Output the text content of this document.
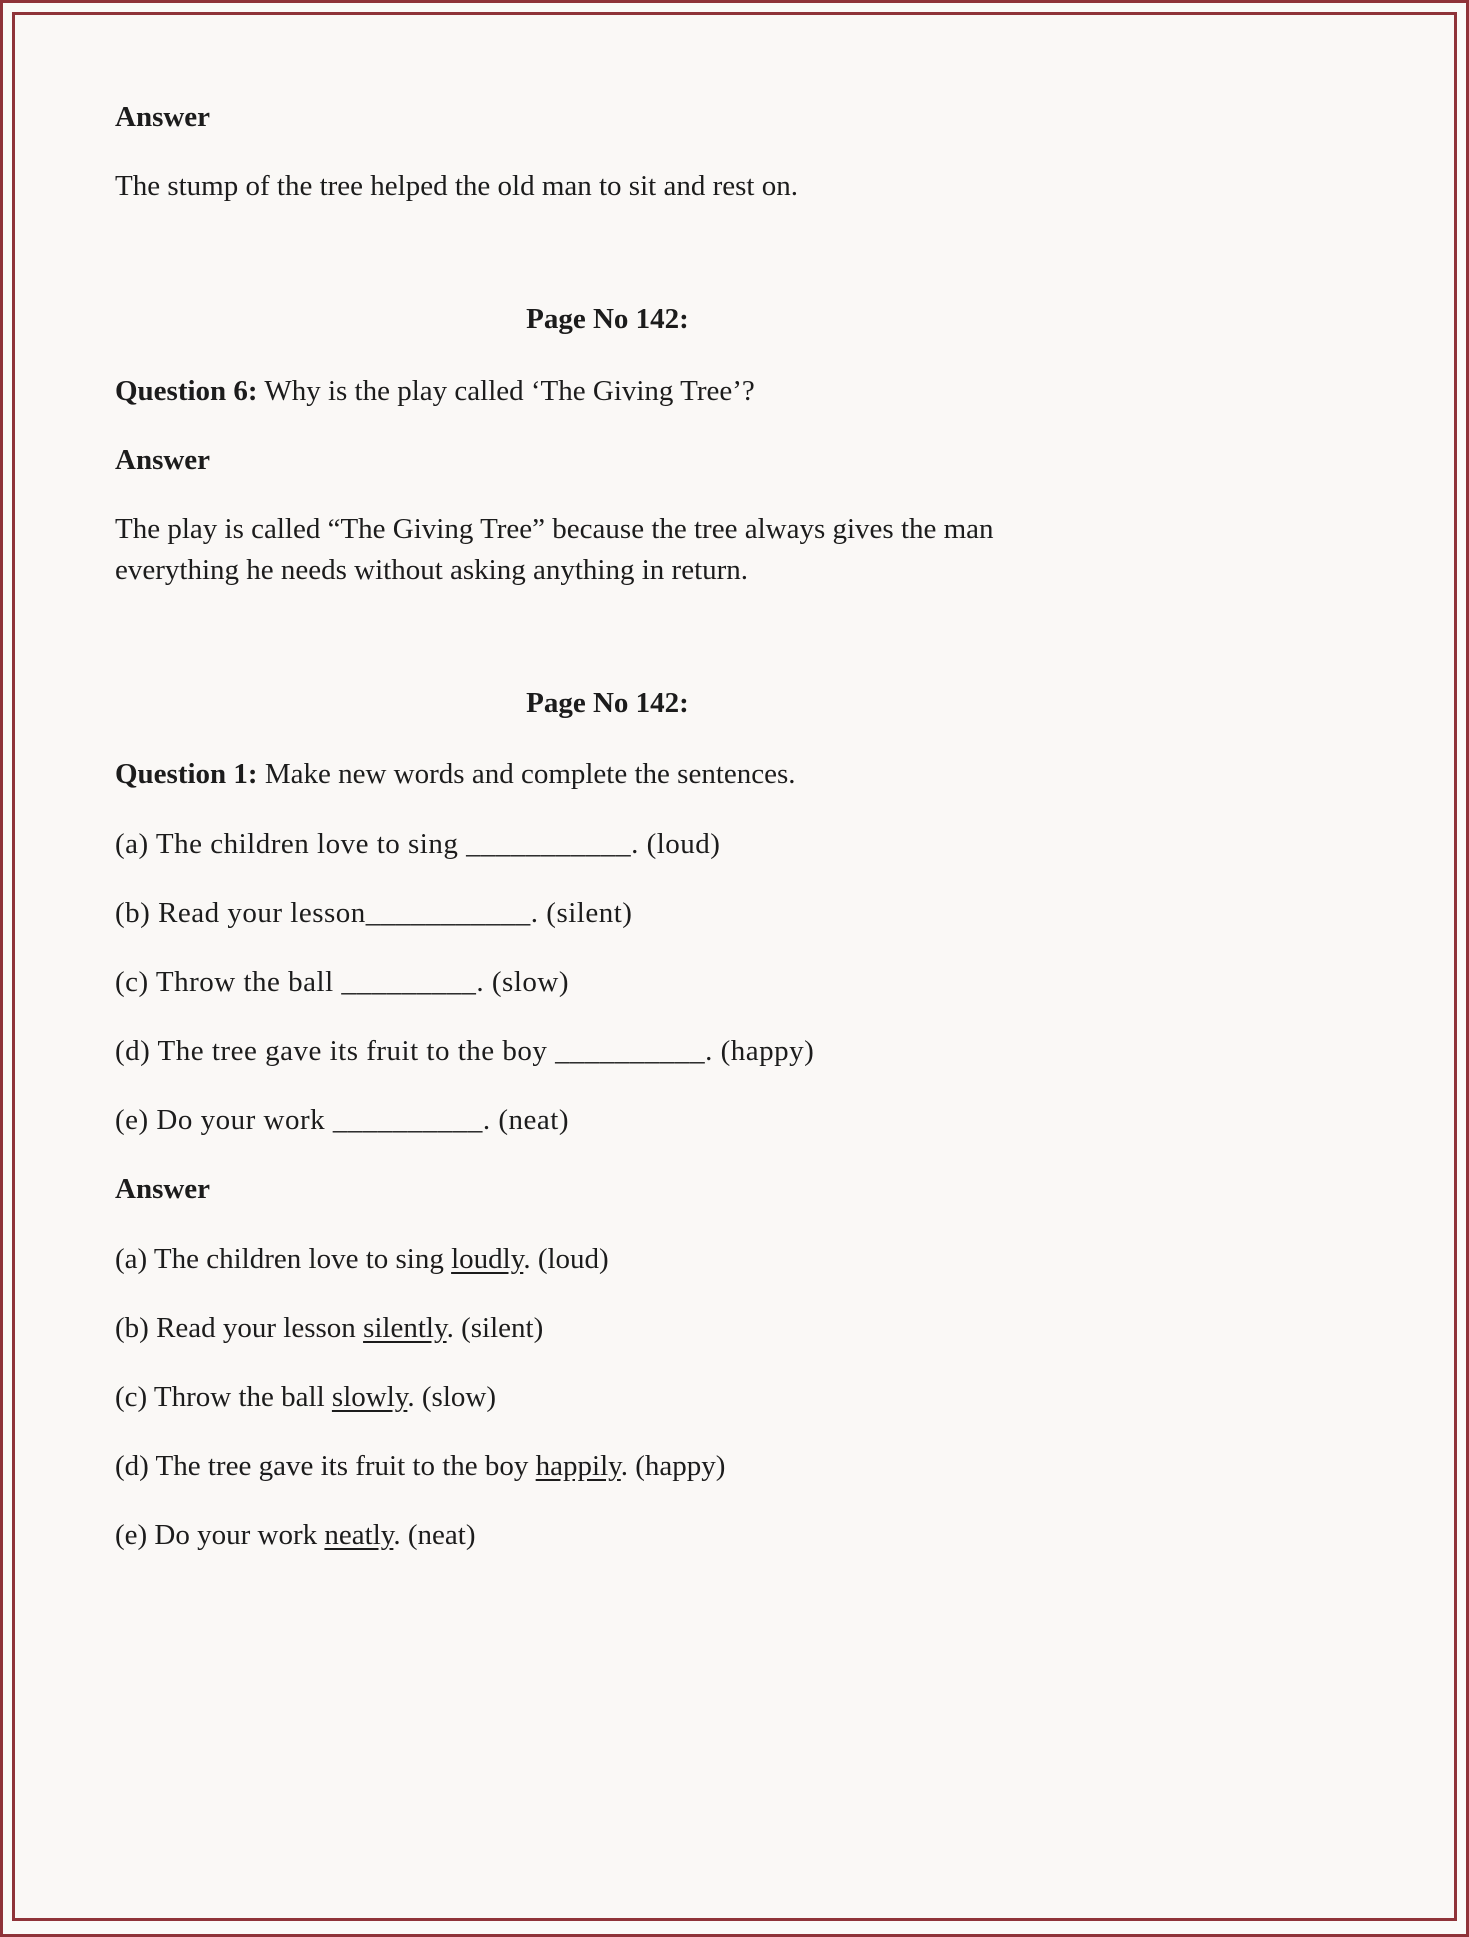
Answer

The stump of the tree helped the old man to sit and rest on.

Page No 142:

Question 6: Why is the play called ‘The Giving Tree’?

Answer

The play is called “The Giving Tree” because the tree always gives the man everything he needs without asking anything in return.

Page No 142:

Question 1: Make new words and complete the sentences.

(a) The children love to sing ___________. (loud)

(b) Read your lesson___________. (silent)

(c) Throw the ball _________. (slow)

(d) The tree gave its fruit to the boy __________. (happy)

(e) Do your work __________. (neat)

Answer

(a) The children love to sing loudly. (loud)

(b) Read your lesson silently. (silent)

(c) Throw the ball slowly. (slow)

(d) The tree gave its fruit to the boy happily. (happy)

(e) Do your work neatly. (neat)
